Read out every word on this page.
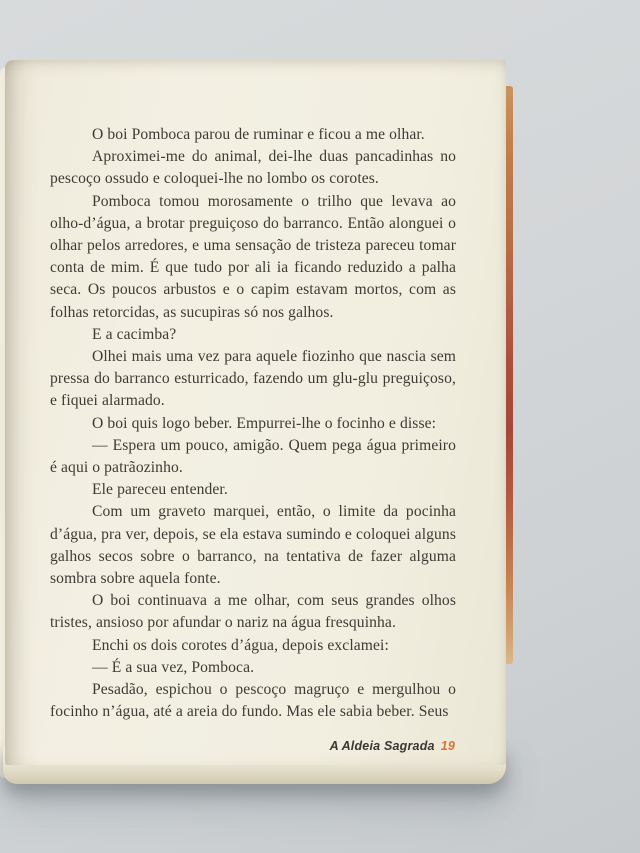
O boi Pomboca parou de ruminar e ficou a me olhar.

Aproximei-me do animal, dei-lhe duas pancadinhas no pescoço ossudo e coloquei-lhe no lombo os corotes.

Pomboca tomou morosamente o trilho que levava ao olho-d’água, a brotar preguiçoso do barranco. Então alonguei o olhar pelos arredores, e uma sensação de tristeza pareceu tomar conta de mim. É que tudo por ali ia ficando reduzido a palha seca. Os poucos arbustos e o capim estavam mortos, com as folhas retorcidas, as sucupiras só nos galhos.

E a cacimba?

Olhei mais uma vez para aquele fiozinho que nascia sem pressa do barranco esturricado, fazendo um glu-glu preguiçoso, e fiquei alarmado.

O boi quis logo beber. Empurrei-lhe o focinho e disse:

— Espera um pouco, amigão. Quem pega água primeiro é aqui o patrãozinho.

Ele pareceu entender.

Com um graveto marquei, então, o limite da pocinha d’água, pra ver, depois, se ela estava sumindo e coloquei alguns galhos secos sobre o barranco, na tentativa de fazer alguma sombra sobre aquela fonte.

O boi continuava a me olhar, com seus grandes olhos tristes, ansioso por afundar o nariz na água fresquinha.

Enchi os dois corotes d’água, depois exclamei:

— É a sua vez, Pomboca.

Pesadão, espichou o pescoço magruço e mergulhou o focinho n’água, até a areia do fundo. Mas ele sabia beber. Seus

A Aldeia Sagrada 19
